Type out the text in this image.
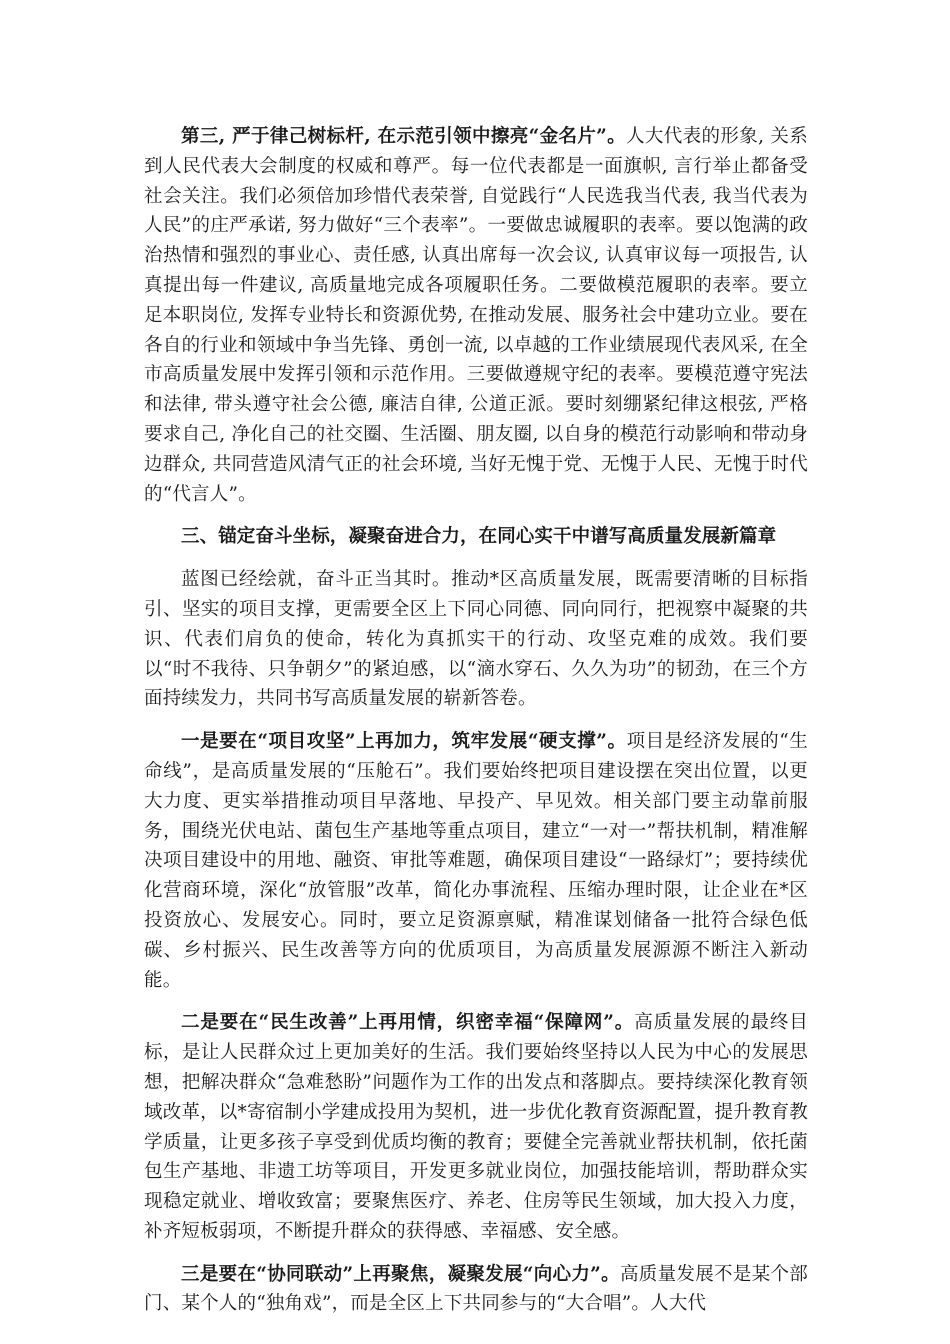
第三, 严于律己树标杆, 在示范引领中擦亮“金名片”。人大代表的形象, 关系到人民代表大会制度的权威和尊严。每一位代表都是一面旗帜, 言行举止都备受社会关注。我们必须倍加珍惜代表荣誉, 自觉践行“人民选我当代表, 我当代表为人民”的庄严承诺, 努力做好“三个表率”。一要做忠诚履职的表率。要以饱满的政治热情和强烈的事业心、责任感, 认真出席每一次会议, 认真审议每一项报告, 认真提出每一件建议, 高质量地完成各项履职任务。二要做模范履职的表率。要立足本职岗位, 发挥专业特长和资源优势, 在推动发展、服务社会中建功立业。要在各自的行业和领域中争当先锋、勇创一流, 以卓越的工作业绩展现代表风采, 在全市高质量发展中发挥引领和示范作用。三要做遵规守纪的表率。要模范遵守宪法和法律, 带头遵守社会公德, 廉洁自律, 公道正派。要时刻绷紧纪律这根弦, 严格要求自己, 净化自己的社交圈、生活圈、朋友圈, 以自身的模范行动影响和带动身边群众, 共同营造风清气正的社会环境, 当好无愧于党、无愧于人民、无愧于时代的“代言人”。

三、锚定奋斗坐标，凝聚奋进合力，在同心实干中谱写高质量发展新篇章

蓝图已经绘就，奋斗正当其时。推动*区高质量发展，既需要清晰的目标指引、坚实的项目支撑，更需要全区上下同心同德、同向同行，把视察中凝聚的共识、代表们肩负的使命，转化为真抓实干的行动、攻坚克难的成效。我们要以“时不我待、只争朝夕”的紧迫感，以“滴水穿石、久久为功”的韧劲，在三个方面持续发力，共同书写高质量发展的崭新答卷。

一是要在“项目攻坚”上再加力，筑牢发展“硬支撑”。项目是经济发展的“生命线”，是高质量发展的“压舱石”。我们要始终把项目建设摆在突出位置，以更大力度、更实举措推动项目早落地、早投产、早见效。相关部门要主动靠前服务，围绕光伏电站、菌包生产基地等重点项目，建立“一对一”帮扶机制，精准解决项目建设中的用地、融资、审批等难题，确保项目建设“一路绿灯”；要持续优化营商环境，深化“放管服”改革，简化办事流程、压缩办理时限，让企业在*区投资放心、发展安心。同时，要立足资源禀赋，精准谋划储备一批符合绿色低碳、乡村振兴、民生改善等方向的优质项目，为高质量发展源源不断注入新动能。

二是要在“民生改善”上再用情，织密幸福“保障网”。高质量发展的最终目标，是让人民群众过上更加美好的生活。我们要始终坚持以人民为中心的发展思想，把解决群众“急难愁盼”问题作为工作的出发点和落脚点。要持续深化教育领域改革，以*寄宿制小学建成投用为契机，进一步优化教育资源配置，提升教育教学质量，让更多孩子享受到优质均衡的教育；要健全完善就业帮扶机制，依托菌包生产基地、非遗工坊等项目，开发更多就业岗位，加强技能培训，帮助群众实现稳定就业、增收致富；要聚焦医疗、养老、住房等民生领域，加大投入力度，补齐短板弱项，不断提升群众的获得感、幸福感、安全感。

三是要在“协同联动”上再聚焦，凝聚发展“向心力”。高质量发展不是某个部门、某个人的“独角戏”，而是全区上下共同参与的“大合唱”。人大代
